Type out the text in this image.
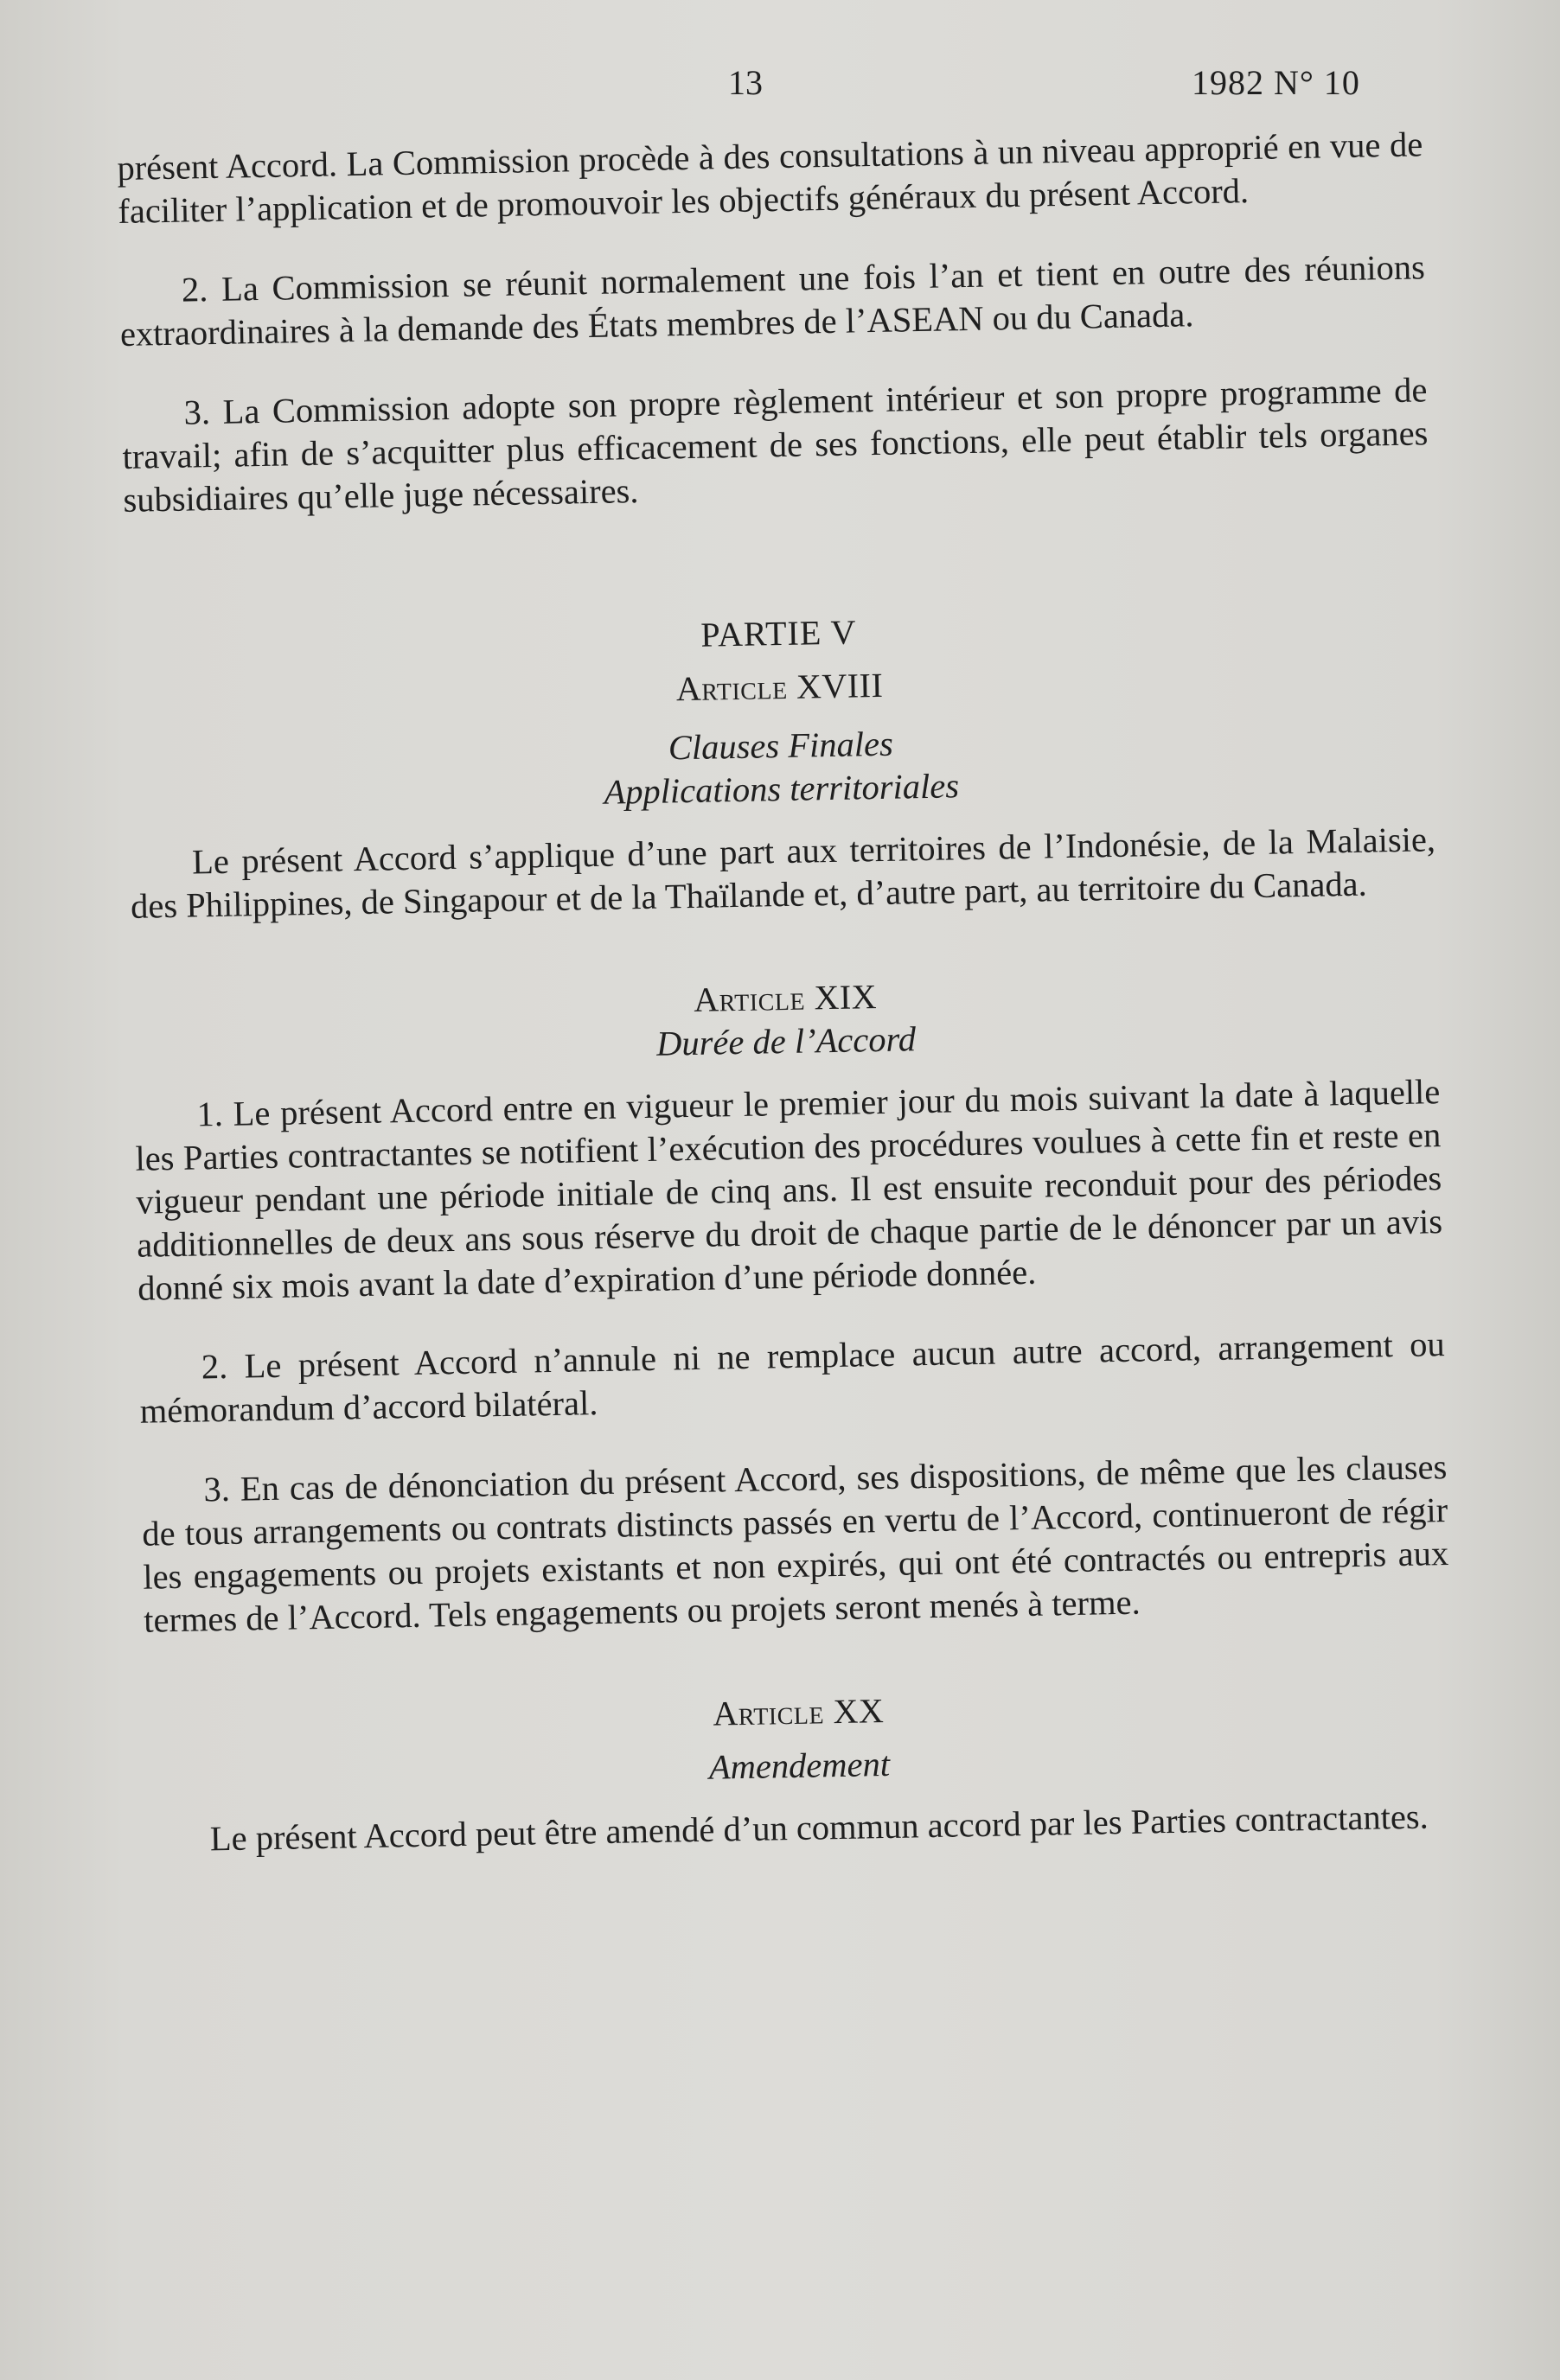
13	1982 N° 10

présent Accord. La Commission procède à des consultations à un niveau approprié en vue de faciliter l’application et de promouvoir les objectifs généraux du présent Accord.

2. La Commission se réunit normalement une fois l’an et tient en outre des réunions extraordinaires à la demande des États membres de l’ASEAN ou du Canada.

3. La Commission adopte son propre règlement intérieur et son propre programme de travail; afin de s’acquitter plus efficacement de ses fonctions, elle peut établir tels organes subsidiaires qu’elle juge nécessaires.

PARTIE V

Article XVIII

Clauses Finales

Applications territoriales

Le présent Accord s’applique d’une part aux territoires de l’Indonésie, de la Malaisie, des Philippines, de Singapour et de la Thaïlande et, d’autre part, au territoire du Canada.

Article XIX

Durée de l’Accord

1. Le présent Accord entre en vigueur le premier jour du mois suivant la date à laquelle les Parties contractantes se notifient l’exécution des procédures voulues à cette fin et reste en vigueur pendant une période initiale de cinq ans. Il est ensuite reconduit pour des périodes additionnelles de deux ans sous réserve du droit de chaque partie de le dénoncer par un avis donné six mois avant la date d’expiration d’une période donnée.

2. Le présent Accord n’annule ni ne remplace aucun autre accord, arrangement ou mémorandum d’accord bilatéral.

3. En cas de dénonciation du présent Accord, ses dispositions, de même que les clauses de tous arrangements ou contrats distincts passés en vertu de l’Accord, continueront de régir les engagements ou projets existants et non expirés, qui ont été contractés ou entrepris aux termes de l’Accord. Tels engagements ou projets seront menés à terme.

Article XX

Amendement

Le présent Accord peut être amendé d’un commun accord par les Parties contractantes.
